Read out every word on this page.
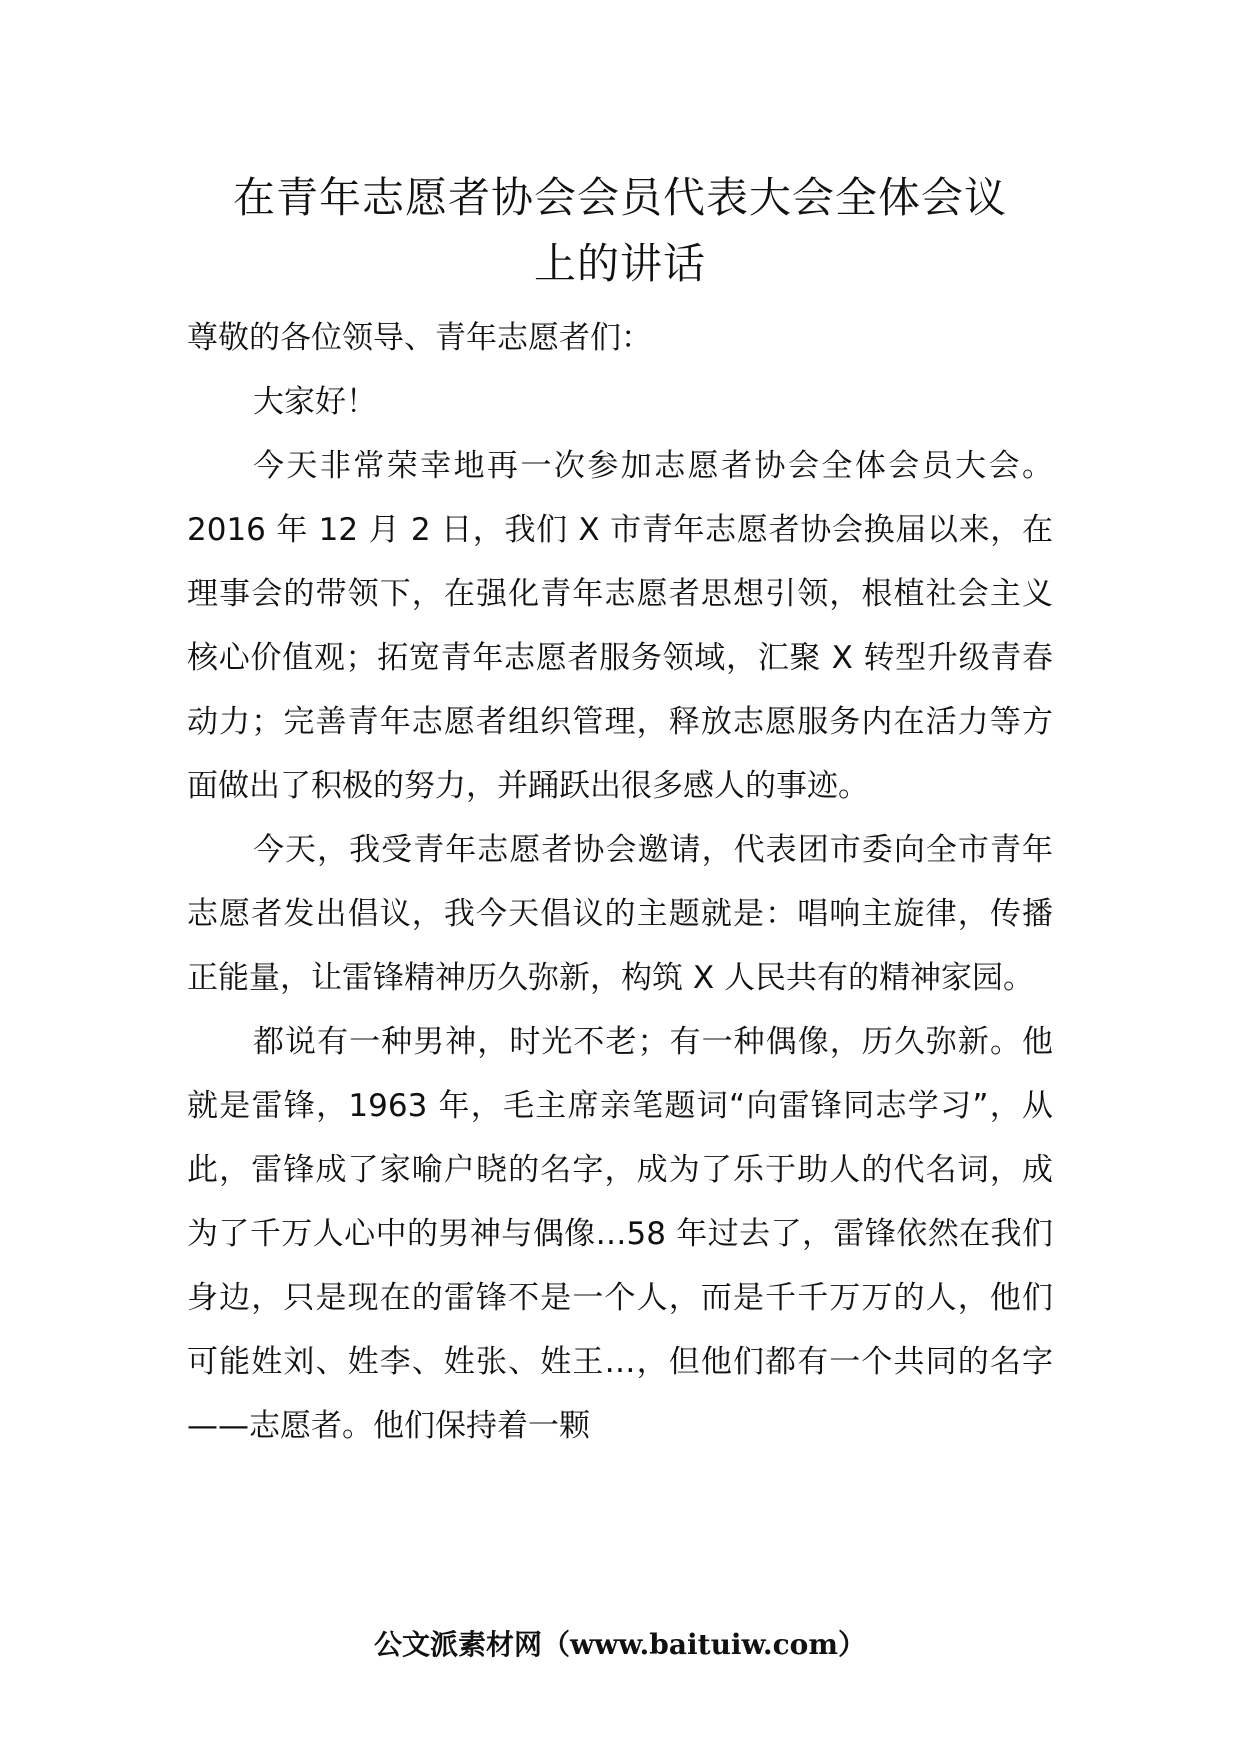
在青年志愿者协会会员代表大会全体会议
上的讲话

尊敬的各位领导、青年志愿者们：

大家好！

今天非常荣幸地再一次参加志愿者协会全体会员大会。2016 年 12 月 2 日，我们 X 市青年志愿者协会换届以来，在理事会的带领下，在强化青年志愿者思想引领，根植社会主义核心价值观；拓宽青年志愿者服务领域，汇聚 X 转型升级青春动力；完善青年志愿者组织管理，释放志愿服务内在活力等方面做出了积极的努力，并踊跃出很多感人的事迹。

今天，我受青年志愿者协会邀请，代表团市委向全市青年志愿者发出倡议，我今天倡议的主题就是：唱响主旋律，传播正能量，让雷锋精神历久弥新，构筑 X 人民共有的精神家园。

都说有一种男神，时光不老；有一种偶像，历久弥新。他就是雷锋，1963 年，毛主席亲笔题词“向雷锋同志学习”，从此，雷锋成了家喻户晓的名字，成为了乐于助人的代名词，成为了千万人心中的男神与偶像…58 年过去了，雷锋依然在我们身边，只是现在的雷锋不是一个人，而是千千万万的人，他们可能姓刘、姓李、姓张、姓王…，但他们都有一个共同的名字——志愿者。他们保持着一颗

公文派素材网（www.baituiw.com）
